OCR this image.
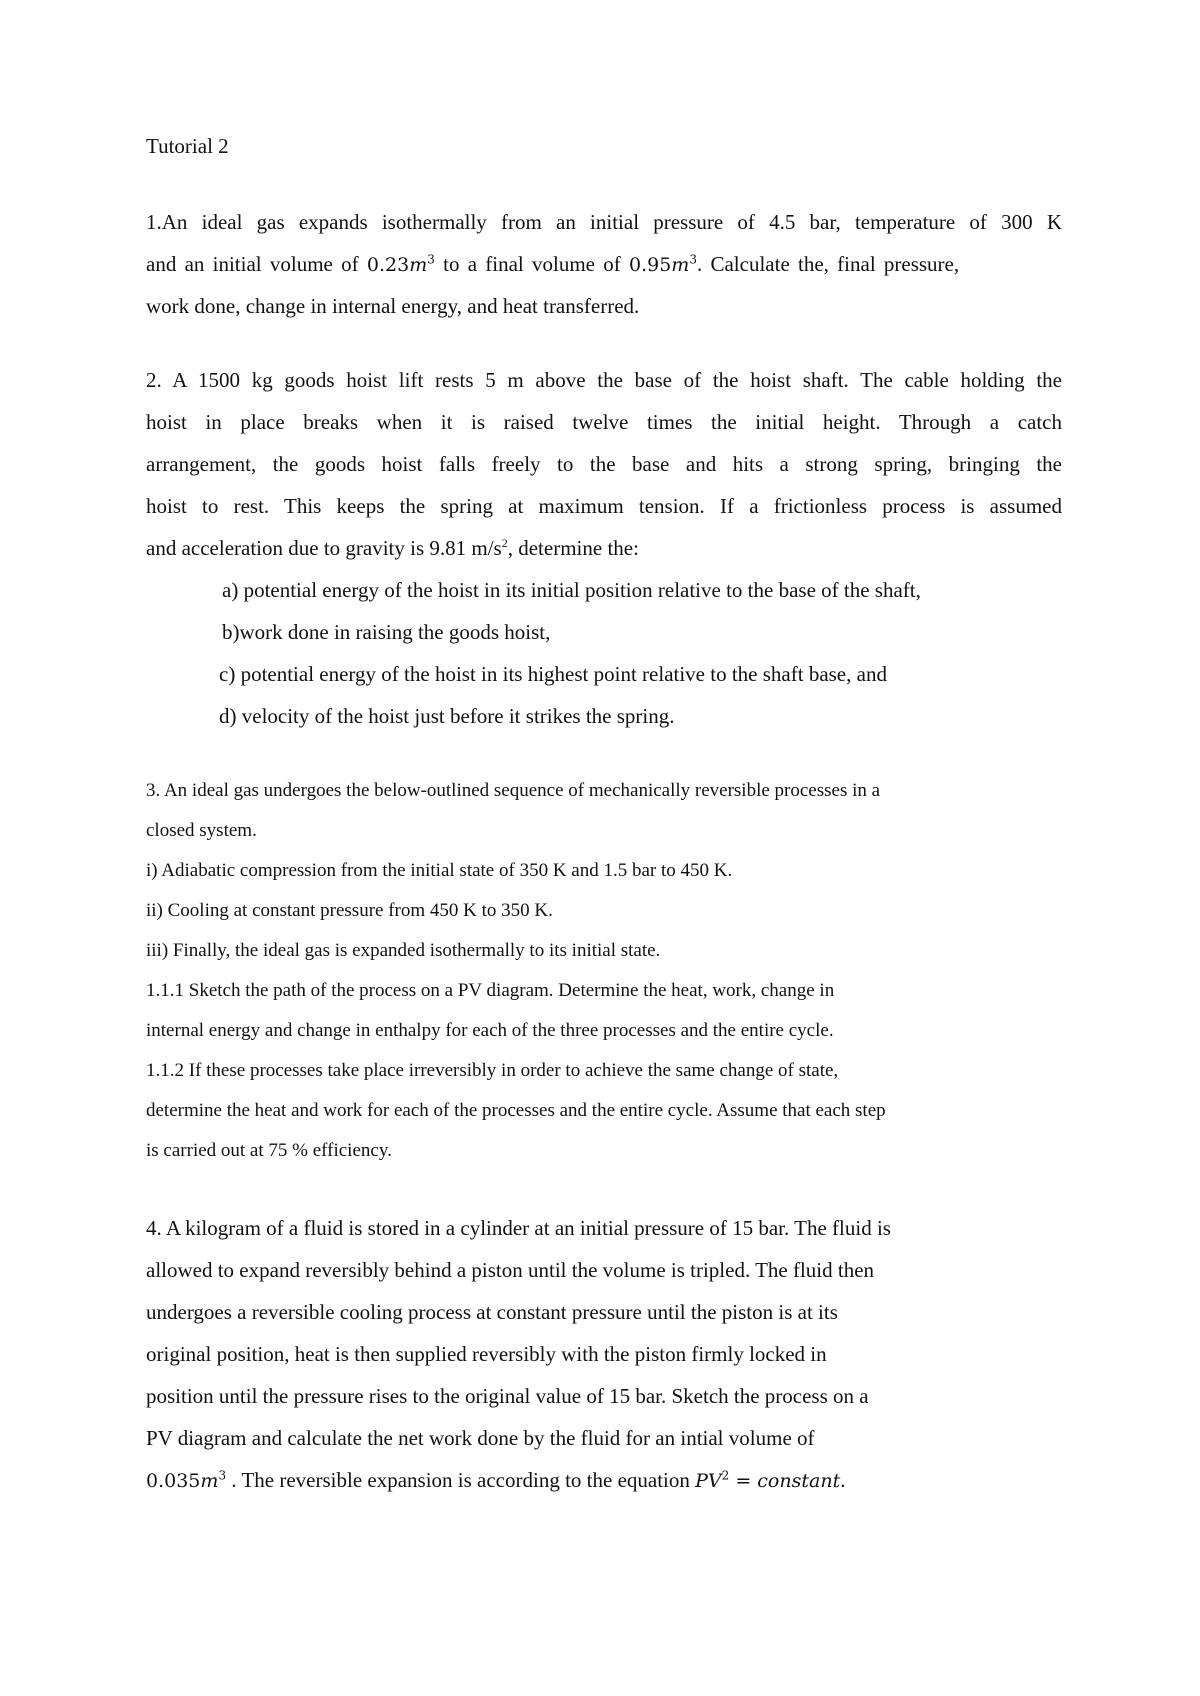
Tutorial 2
1.An ideal gas expands isothermally from an initial pressure of 4.5 bar, temperature of 300 K
and an initial volume of $0.23m^3$ to a final volume of $0.95m^3$. Calculate the, final pressure,
work done, change in internal energy, and heat transferred.
2. A 1500 kg goods hoist lift rests 5 m above the base of the hoist shaft. The cable holding the
hoist in place breaks when it is raised twelve times the initial height. Through a catch
arrangement, the goods hoist falls freely to the base and hits a strong spring, bringing the
hoist to rest. This keeps the spring at maximum tension. If a frictionless process is assumed
and acceleration due to gravity is 9.81 $m/s^2$, determine the:
a) potential energy of the hoist in its initial position relative to the base of the shaft,
b)work done in raising the goods hoist,
c) potential energy of the hoist in its highest point relative to the shaft base, and
d) velocity of the hoist just before it strikes the spring.
3. An ideal gas undergoes the below-outlined sequence of mechanically reversible processes in a
closed system.
i) Adiabatic compression from the initial state of 350 K and 1.5 bar to 450 K.
ii) Cooling at constant pressure from 450 K to 350 K.
iii) Finally, the ideal gas is expanded isothermally to its initial state.
1.1.1 Sketch the path of the process on a PV diagram. Determine the heat, work, change in
internal energy and change in enthalpy for each of the three processes and the entire cycle.
1.1.2 If these processes take place irreversibly in order to achieve the same change of state,
determine the heat and work for each of the processes and the entire cycle. Assume that each step
is carried out at 75 % efficiency.
4. A kilogram of a fluid is stored in a cylinder at an initial pressure of 15 bar. The fluid is
allowed to expand reversibly behind a piston until the volume is tripled. The fluid then
undergoes a reversible cooling process at constant pressure until the piston is at its
original position, heat is then supplied reversibly with the piston firmly locked in
position until the pressure rises to the original value of 15 bar. Sketch the process on a
PV diagram and calculate the net work done by the fluid for an intial volume of
$0.035m^3$ . The reversible expansion is according to the equation $PV^2$ = constant.
